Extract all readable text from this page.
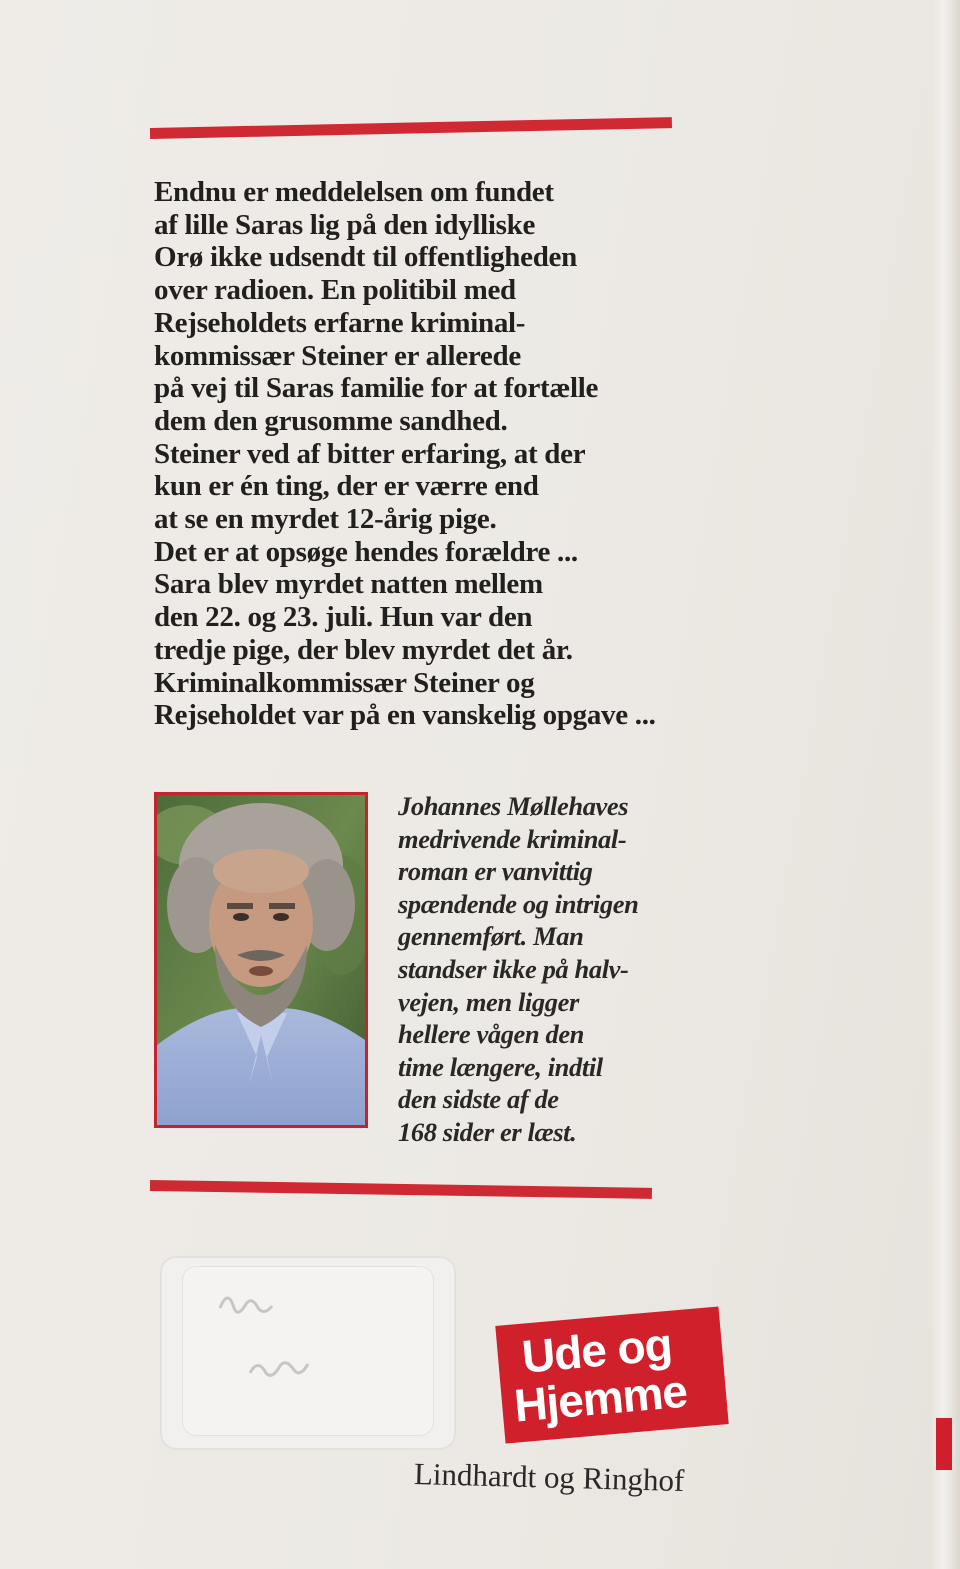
Endnu er meddelelsen om fundet
af lille Saras lig på den idylliske
Orø ikke udsendt til offentligheden
over radioen. En politibil med
Rejseholdets erfarne kriminal-
kommissær Steiner er allerede
på vej til Saras familie for at fortælle
dem den grusomme sandhed.
Steiner ved af bitter erfaring, at der
kun er én ting, der er værre end
at se en myrdet 12-årig pige.
Det er at opsøge hendes forældre ...
Sara blev myrdet natten mellem
den 22. og 23. juli. Hun var den
tredje pige, der blev myrdet det år.
Kriminalkommissær Steiner og
Rejseholdet var på en vanskelig opgave ...
Johannes Møllehaves
medrivende kriminal-
roman er vanvittig
spændende og intrigen
gennemført. Man
standser ikke på halv-
vejen, men ligger
hellere vågen den
time længere, indtil
den sidste af de
168 sider er læst.
Ude og
Hjemme
Lindhardt og Ringhof
